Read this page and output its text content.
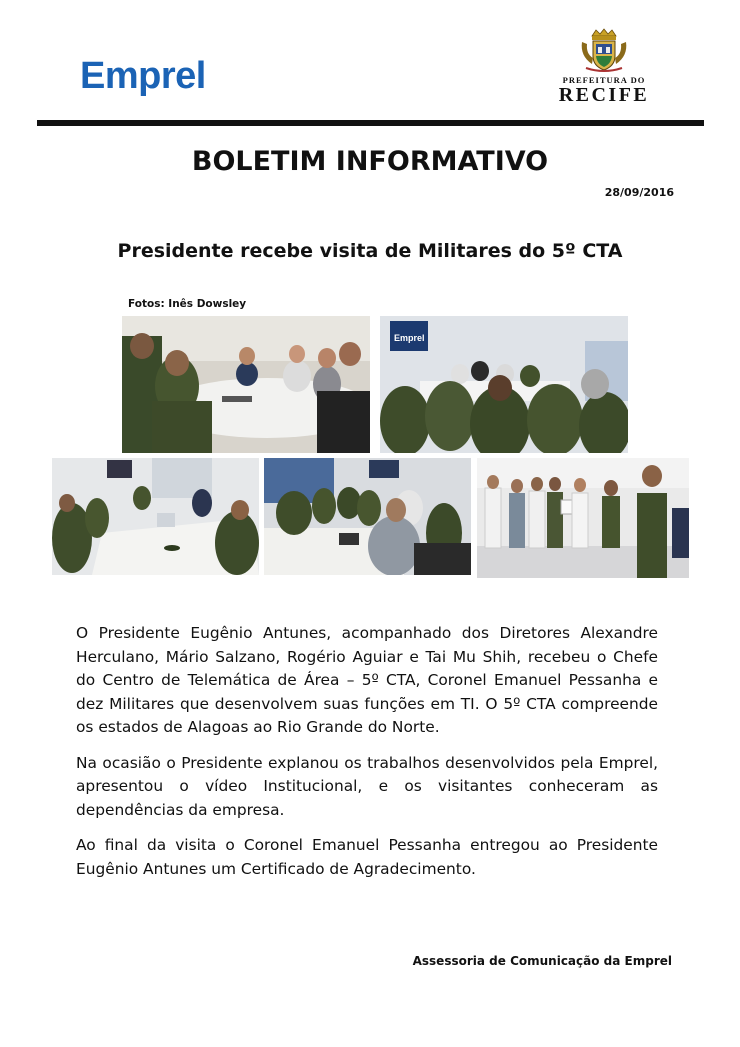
Emprel	PREFEITURA DO
RECIFE
BOLETIM INFORMATIVO
28/09/2016
Presidente recebe visita de Militares do 5º CTA
Fotos: Inês Dowsley
Emprel

O Presidente Eugênio Antunes, acompanhado dos Diretores Alexandre Herculano, Mário Salzano, Rogério Aguiar e Tai Mu Shih, recebeu o Chefe do Centro de Telemática de Área – 5º CTA, Coronel Emanuel Pessanha e dez Militares que desenvolvem suas funções em TI. O 5º CTA compreende os estados de Alagoas ao Rio Grande do Norte.

Na ocasião o Presidente explanou os trabalhos desenvolvidos pela Emprel, apresentou o vídeo Institucional, e os visitantes conheceram as dependências da empresa.

Ao final da visita o Coronel Emanuel Pessanha entregou ao Presidente Eugênio Antunes um Certificado de Agradecimento.

Assessoria de Comunicação da Emprel
